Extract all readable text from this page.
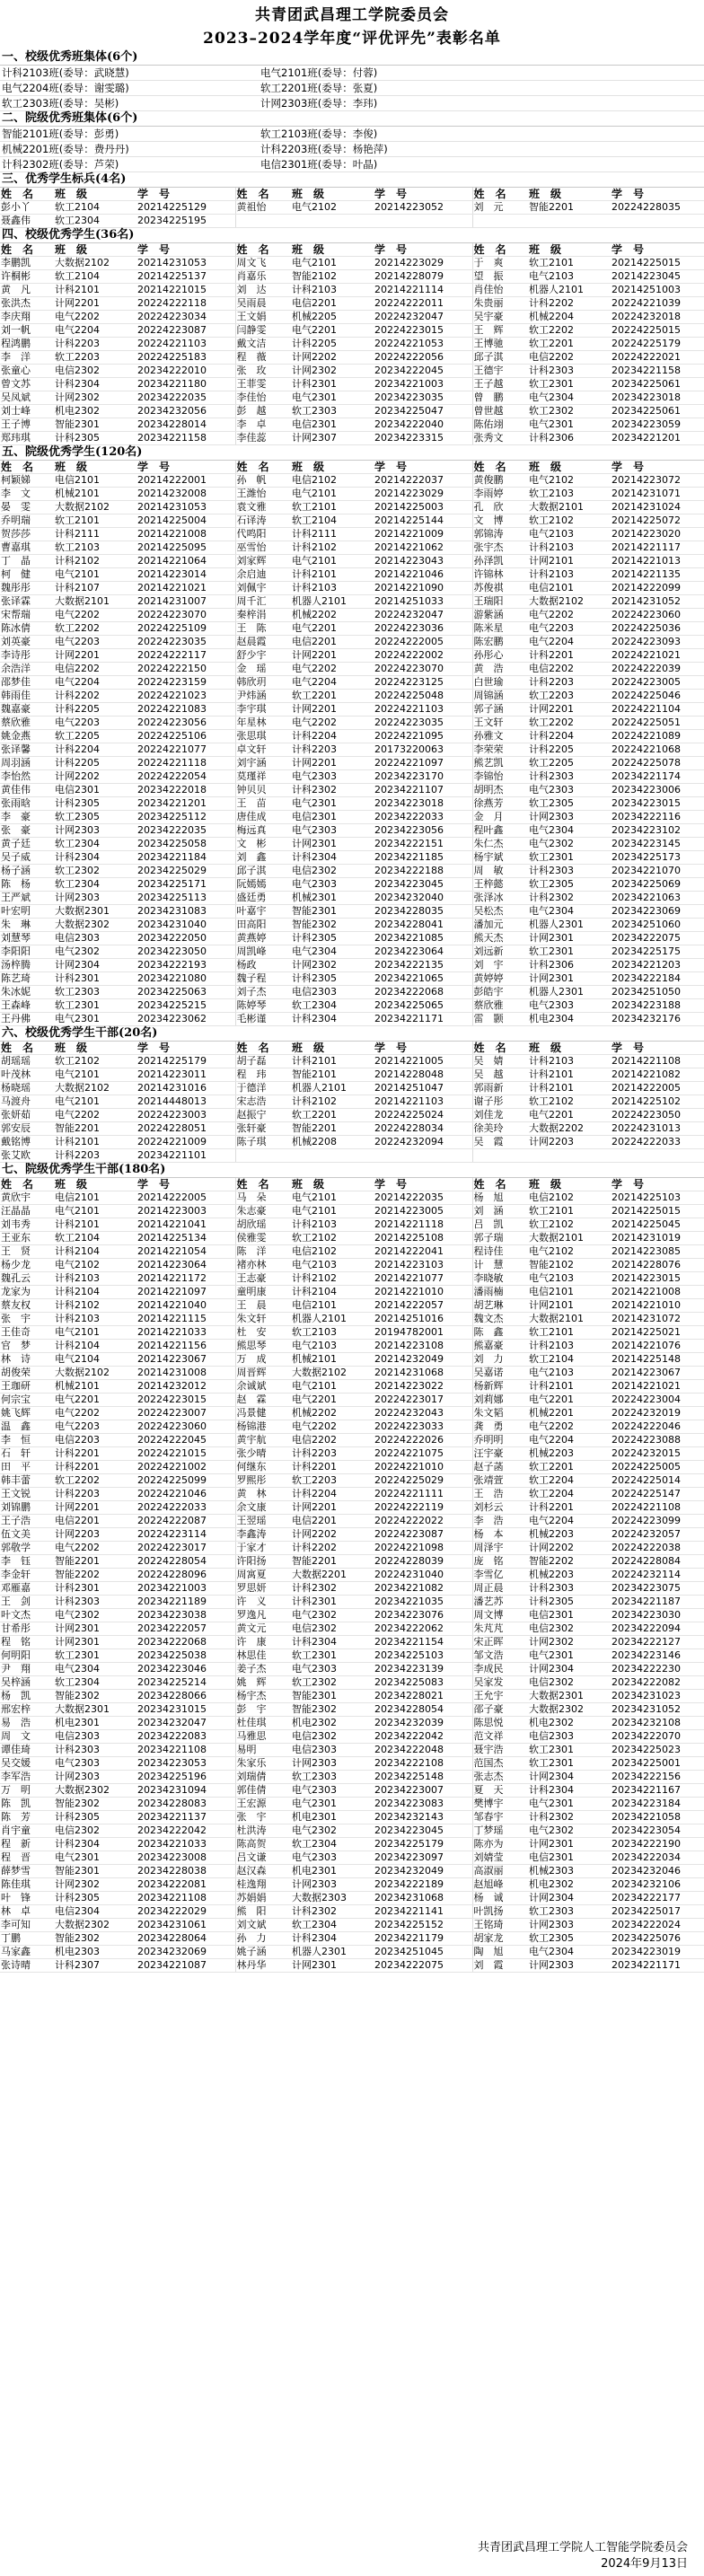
共青团武昌理工学院委员会
2023–2024学年度“评优评先”表彰名单
一、校级优秀班集体(6个)
计科2103班(委导：武晓慧)	电气2101班(委导：付蓉)
电气2204班(委导：谢雯璐)	软工2201班(委导：张夏)
软工2303班(委导：吴彬)	计网2303班(委导：李玮)
二、院级优秀班集体(6个)
智能2101班(委导：彭勇)	软工2103班(委导：李俊)
机械2201班(委导：费丹丹)	计科2203班(委导：杨艳萍)
计科2302班(委导：芦荣)	电信2301班(委导：叶晶)
三、优秀学生标兵(4名)
姓　名	班　级	学　号	姓　名	班　级	学　号	姓　名	班　级	学　号
彭小丫	软工2104	20214225129	黄祖怡	电气2102	20214223052	刘　元	智能2201	20224228035
聂鑫伟	软工2304	20234225195						
四、校级优秀学生(36名)
姓　名	班　级	学　号	姓　名	班　级	学　号	姓　名	班　级	学　号
李鹏凯	大数据2102	20214231053	周文飞	电气2101	20214223029	于　爽	软工2101	20214225015
许桐彬	软工2104	20214225137	肖嘉乐	智能2102	20214228079	望　振	电气2103	20214223045
黄　凡	计科2101	20214221015	刘　达	计科2103	20214221114	肖佳怡	机器人2101	20214251003
张洪杰	计网2201	20224222118	吴雨晨	电信2201	20224222011	朱贵丽	计科2202	20224221039
李庆翔	电气2202	20224223034	王文娟	机械2205	20224232047	吴宇豪	机械2204	20224232018
刘一帆	电气2204	20224223087	闫静雯	电气2201	20224223015	王　辉	软工2202	20224225015
程鸿鹏	计科2203	20224221103	戴文洁	计科2205	20224221053	王博驰	软工2201	20224225179
李　洋	软工2203	20224225183	程　薇	计网2202	20224222056	邱子淇	电信2202	20224222021
张童心	电信2302	20234222010	张　玫	计网2302	20234222045	王德宇	计科2303	20234221158
曾文苏	计科2304	20234221180	王菲雯	计科2301	20234221003	王子越	软工2301	20234225061
吴凤斌	计网2302	20234222035	李佳怡	电气2301	20234223035	曾　鹏	电气2304	20234223018
刘士峰	机电2302	20234232056	彭　越	软工2303	20234225047	曾世越	软工2302	20234225061
王子博	智能2301	20234228014	李　卓	电信2301	20234222040	陈佑翊	电气2301	20234223059
郑玮琪	计科2305	20234221158	李佳蕊	计网2307	20234223315	张秀文	计科2306	20234221201
五、院级优秀学生(120名)
姓　名	班　级	学　号	姓　名	班　级	学　号	姓　名	班　级	学　号
柯颖娣	电信2101	20214222001	孙　帆	电信2102	20214222037	黄俊鹏	电气2102	20214223072
李　文	机械2101	20214232008	王潍怡	电气2101	20214223029	李雨婷	软工2103	20214231071
晏　雯	大数据2102	20214231053	袁文雅	软工2101	20214225003	孔　欣	大数据2101	20214231024
乔明瑞	软工2101	20214225004	石译涛	软工2104	20214225144	文　博	软工2102	20214225072
贺莎莎	计科2111	20214221008	代鸣阳	计科2111	20214221009	郭锦涛	电气2103	20214223020
曹嘉琪	软工2103	20214225095	巫雪怡	计科2102	20214221062	张宇杰	计科2103	20214221117
丁　晶	计科2102	20214221064	刘家辉	电气2101	20214223043	孙泽凯	计网2101	20214221013
柯　健	电气2101	20214223014	余启迪	计科2101	20214221046	许锦林	计科2103	20214221135
魏彤彤	计科2107	20214221021	刘佩宇	计科2103	20214221090	苏俊祺	电信2101	20214222099
张译霖	大数据2101	20214231007	周千汇	机器人2101	20214251033	王瑞阳	大数据2102	20214231052
宋帮瑞	电气2202	20224223070	秦梓涓	机械2202	20224232047	游紫涵	电气2202	20224223060
陈冰倩	软工2202	20224225109	王　陈	电气2201	20224223036	陈米星	电气2203	20224225036
刘英豪	电气2203	20224223035	赵晨霞	电信2201	20224222005	陈宏鹏	电气2204	20224223093
李诗彤	计网2201	20224222117	舒少宇	计网2201	20224222002	孙彤心	计科2201	20224221021
余浩洋	电信2202	20224222150	金　瑶	电气2202	20224223070	黄　浩	电信2202	20224222039
邵梦佳	电气2204	20224223159	韩欣玥	电气2204	20224223125	白世瑜	计科2203	20224223005
韩雨佳	计科2202	20224221023	尹炜涵	软工2201	20224225048	周锦涵	软工2203	20224225046
魏嘉豪	计科2205	20224221083	李宇琪	计网2201	20224221103	郭子涵	计网2201	20224221104
蔡欣雅	电气2203	20224223056	年星林	电气2202	20224223035	王文轩	软工2202	20224225051
姚金燕	软工2205	20224225106	张思琪	计科2204	20224221095	孙雅文	计科2204	20224221089
张译馨	计科2204	20224221077	卓文轩	计科2203	20173220063	李荣荣	计科2205	20224221068
周羽涵	计科2205	20224221118	刘宇涵	计网2201	20224221097	熊艺凯	软工2205	20224225078
李怡然	计网2202	20224222054	莫瑾祥	电气2303	20234223170	李锦怡	计科2303	20234221174
黄佳伟	电信2301	20234222018	钟贝贝	计科2302	20234221107	胡明杰	电气2303	20234223006
张雨晗	计科2305	20234221201	王　苗	电气2301	20234223018	徐燕芳	软工2305	20234223015
李　豪	软工2305	20234225112	唐佳成	电信2301	20234222033	金　月	计网2303	20234222116
张　豪	计网2303	20234222035	梅远真	电气2303	20234223056	程叶鑫	电气2304	20234223102
黄子廷	软工2304	20234225058	文　彬	计网2301	20234222151	朱仁杰	电气2302	20234223145
吴子威	计科2304	20234221184	刘　鑫	计科2304	20234221185	杨宇斌	软工2301	20234225173
杨子涵	软工2302	20234225029	邱子淇	电信2302	20234222188	周　敏	计科2303	20234221070
陈　杨	软工2304	20234225171	阮嫣嫣	电气2303	20234223045	王梓懿	软工2305	20234225069
王严斌	计网2303	20234225113	盛廷勇	机械2301	20234232040	张泽冰	计科2302	20234221063
叶宏明	大数据2301	20234231083	叶嘉宇	智能2301	20234228035	吴松杰	电气2304	20234223069
朱　琳	大数据2302	20234231040	田高阳	智能2302	20234228041	潘加元	机器人2301	20234251060
刘慧琴	电信2303	20234222050	黄燕婷	计科2305	20234221085	熊天杰	计网2301	20234222075
李阳阳	电气2302	20234223050	周凯峰	电气2304	20234223064	刘远新	软工2301	20234225175
汤梓腾	计网2304	20234222193	杨政	计网2302	20234222135	刘　宇	计科2306	20234221203
陈艺琦	计科2301	20234221080	魏子程	计科2305	20234221065	黄婷婷	计网2301	20234222184
朱冰妮	软工2303	20234225063	刘子杰	电信2303	20234222068	彭皓宇	机器人2301	20234251050
王森峰	软工2301	20234225215	陈婷琴	软工2304	20234225065	蔡欣雅	电气2303	20234223188
王丹佛	电气2301	20234223062	毛彬谨	计科2304	20234221171	雷　颢	机电2304	20234232176
六、校级优秀学生干部(20名)
姓　名	班　级	学　号	姓　名	班　级	学　号	姓　名	班　级	学　号
胡瑶瑶	软工2102	20214225179	胡子磊	计科2101	20214221005	吴　婧	计科2103	20214221108
叶茂林	电气2101	20214223011	程　玮	智能2101	20214228048	吴　越	计科2101	20214221082
杨晓瑶	大数据2102	20214231016	于德洋	机器人2101	20214251047	郭雨新	计科2101	20214222005
马渡舟	电气2101	20214448013	宋志浩	计科2102	20214221103	谢子彤	软工2102	20214225102
张妍茹	电气2202	20224223003	赵振宁	软工2201	20224225024	刘佳龙	电气2201	20224223050
郭安辰	智能2201	20224228051	张轩豪	智能2201	20224228034	徐美玲	大数据2202	20224231013
戴铭博	计科2101	20224221009	陈子琪	机械2208	20224232094	吴　霞	计网2203	20224222033
张艾欧	计科2203	20234221101						
七、院级优秀学生干部(180名)
姓　名	班　级	学　号	姓　名	班　级	学　号	姓　名	班　级	学　号
黄欣宇	电信2101	20214222005	马　朵	电气2101	20214222035	杨　旭	电信2102	20214225103
汪晶晶	电气2101	20214223003	朱志豪	电气2101	20214223005	刘　涵	软工2101	20214225015
刘韦秀	计科2101	20214221041	胡欣瑶	计科2103	20214221118	吕　凯	软工2102	20214225045
王亚东	软工2104	20214225134	侯雅雯	软工2102	20214225108	郭子瑞	大数据2101	20214231019
王　贤	计科2104	20214221054	陈　洋	电信2102	20214222041	程诗佳	电气2102	20214223085
杨少龙	电气2102	20214223064	褚亦林	电气2103	20214223103	计　慧	智能2102	20214228076
魏孔云	计科2103	20214221172	王志豪	计科2102	20214221077	李晓敏	电气2103	20214223015
龙家为	计科2104	20214221097	童明康	计科2104	20214221010	潘雨楠	电信2101	20214221008
蔡友权	计科2102	20214221040	王　晨	电信2101	20214222057	胡艺琳	计网2101	20214221010
张　宇	计科2103	20214221115	朱文轩	机器人2101	20214251016	魏文杰	大数据2101	20214231072
王佳奇	电气2101	20214221033	杜　安	软工2103	20194782001	陈　鑫	软工2101	20214225021
官　梦	计科2104	20214221156	熊思琴	电气2103	20214223108	熊嘉豪	计科2103	20214221076
林　诗	电气2104	20214223067	万　成	机械2101	20214232049	刘　力	软工2104	20214225148
胡俊荣	大数据2102	20214231008	周晋辉	大数据2102	20214231068	吴嘉诺	电气2103	20214223067
王珈研	机械2101	20214232012	余诚斌	电气2101	20214223022	杨新辉	计科2101	20214221021
何宗宝	电气2201	20224223015	赵　霖	电气2201	20224223017	刘莉娜	电气2201	20224223004
姚飞辉	电气2202	20224223007	冯景健	机械2202	20224232043	朱文韬	机械2201	20224232019
温　鑫	电气2203	20224223060	杨锦港	电气2202	20224223033	龚　勇	电气2202	20224222046
李　恒	电信2203	20224222045	黄宇航	电信2202	20224222026	乔明明	电气2204	20224223088
石　轩	计科2201	20224221015	张少晴	计科2203	20224221075	汪宇豪	机械2203	20224232015
田　平	计科2201	20224221002	何继东	计科2201	20224221010	赵子菡	软工2201	20224225005
韩丰蕾	软工2202	20224225099	罗熙彤	软工2203	20224225029	张靖萱	软工2204	20224225014
王文锐	计科2203	20224221046	黄　林	计科2204	20224221111	王　浩	软工2204	20224225147
刘锦鹏	计网2201	20224222033	余文康	计网2201	20224222119	刘杉云	计科2201	20224221108
王子浩	电信2201	20224222087	王翌瑶	电信2201	20224222022	李　浩	电气2204	20224223099
伍文美	计网2203	20224223114	李鑫涛	计网2202	20224223087	杨　本	机械2203	20224232057
郭敬学	电气2202	20224223017	于家才	计科2202	20224221098	周泽宇	计网2202	20224222038
李　钰	智能2201	20224228054	许阳扬	智能2201	20224228039	庞　铭	智能2202	20224228084
李金轩	智能2202	20224228096	周寓夏	大数据2201	20224231040	李雪亿	机械2203	20224232114
邓雁嘉	计科2301	20234221003	罗思妍	计科2302	20234221082	周正晨	计科2303	20234223075
王　剑	计科2303	20234221189	许　义	计科2301	20234221035	潘艺苏	计科2305	20234221187
叶文杰	电气2302	20234223038	罗逸凡	电气2302	20234223076	周文博	电信2301	20234223030
甘希彤	计网2301	20234222057	黄文元	电信2302	20234222062	朱芃芃	电信2302	20234222094
程　铭	计网2301	20234222068	许　康	计科2304	20234221154	宋正晖	计网2302	20234222127
何明阳	软工2301	20234225038	林思佳	软工2301	20234225103	邹文浩	电气2301	20234223146
尹　翔	电气2304	20234223046	姜子杰	电气2303	20234223139	李成民	计网2304	20234222230
吴梓涵	软工2304	20234225214	姚　辉	软工2302	20234225083	吴家发	电信2302	20234222082
杨　凯	智能2302	20234228066	杨宇杰	智能2301	20234228021	王允宇	大数据2301	20234231023
邢宏梓	大数据2301	20234231015	彭　宇	智能2302	20234228054	邵子豪	大数据2302	20234231052
易　浩	机电2301	20234232047	杜佳琪	机电2302	20234232039	陈思悦	机电2302	20234232108
周　文	电信2303	20234222083	马雅思	电信2302	20234222042	范文祥	电信2303	20234222070
谭佳琦	计科2303	20234221108	易明　	电信2303	20234222048	聂宇浩	软工2301	20234225023
吴交媛	电气2303	20234223053	朱家乐	计网2303	20234222108	范国杰	软工2301	20234225001
李军浩	计网2303	20234225196	刘瑞倩	软工2303	20234225148	张志杰	计网2304	20234222156
万　明	大数据2302	20234231094	郭佳倩	电气2303	20234223007	夏　天	计科2304	20234221167
陈　凯	智能2302	20234228083	王宏源	电气2301	20234223083	樊博宇	电气2301	20234223184
陈　芳	计科2305	20234221137	张　宇	机电2301	20234232143	邹春宇	计科2302	20234221058
肖宇童	电信2302	20234222042	杜洪涛	电气2302	20234223045	丁梦瑶	电气2302	20234223054
程　新	计科2304	20234221033	陈高贺	软工2304	20234225179	陈亦为	计网2301	20234222190
程　晋	电气2301	20234223008	吕文谦	电气2303	20234223097	刘婧莹	电信2301	20234222034
薛梦雪	智能2301	20234228038	赵汉森	机电2301	20234232049	高淑丽	机械2303	20234232046
陈佳琪	计网2302	20234222081	桂逸翔	计网2303	20234222189	赵旭峰	机电2302	20234232106
叶　锋	计科2305	20234221108	苏娟娟	大数据2303	20234231068	杨　诚	计网2304	20234222177
林　卓	电信2304	20234222029	熊　阳	计科2302	20234221141	叶凯扬	软工2303	20234225017
李可知	大数据2302	20234231061	刘文斌	软工2304	20234225152	王铭琦	计网2303	20234222024
丁鹏	智能2302	20234228064	孙　力	计科2304	20234221179	胡家龙	软工2305	20234225076
马家鑫	机电2303	20234232069	姚子涵	机器人2301	20234251045	陶　旭	电气2304	20234223019
张诗晴	计科2307	20234221087	林丹华	计网2301	20234222075	刘　霞	计网2303	20234221171
共青团武昌理工学院人工智能学院委员会
2024年9月13日
